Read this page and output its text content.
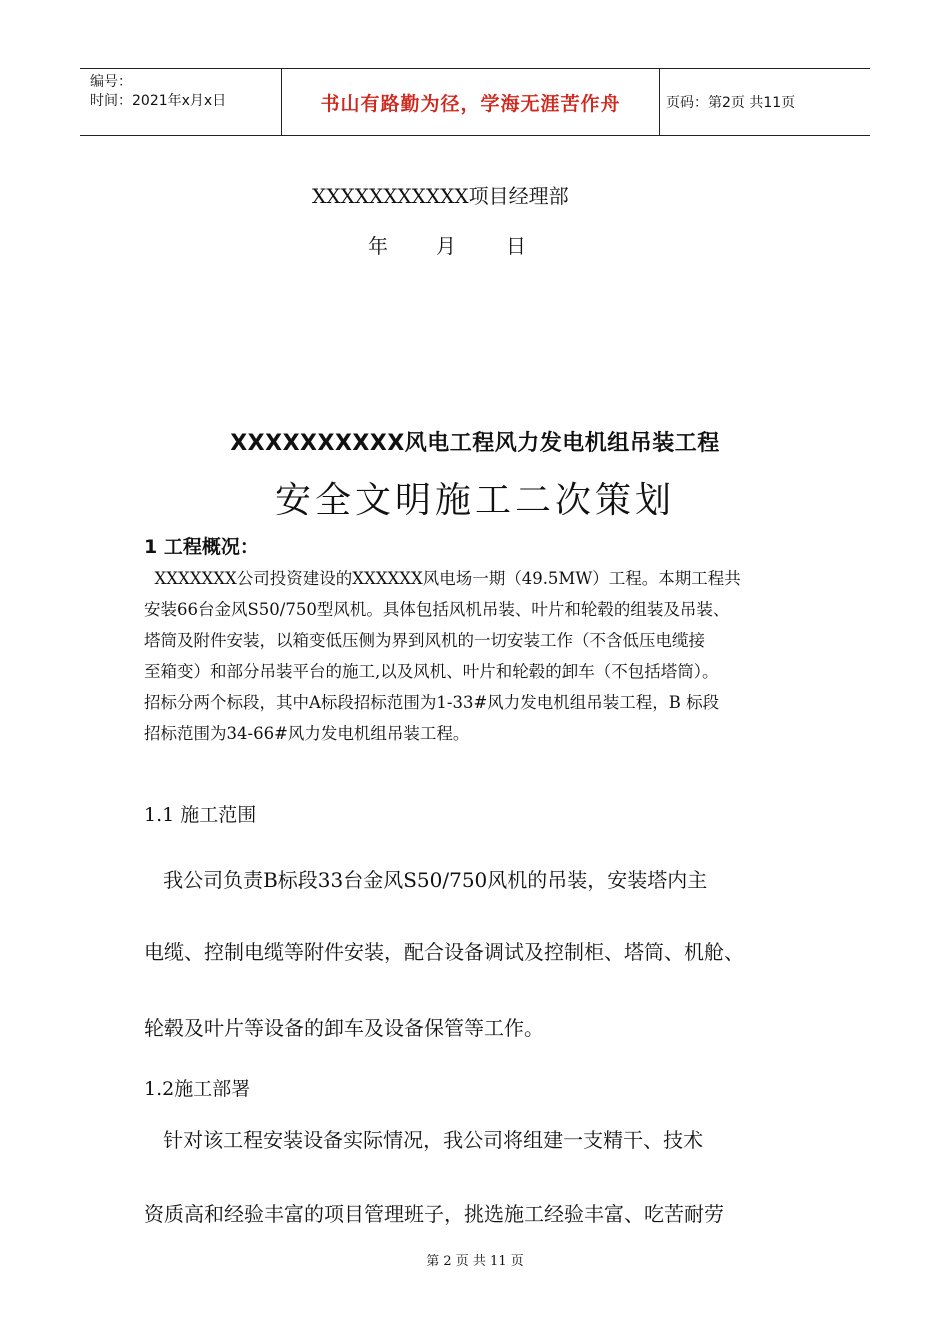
编号：
时间：2021年x月x日	书山有路勤为径，学海无涯苦作舟	页码：第2页 共11页
XXXXXXXXXXX项目经理部
年 月	日
XXXXXXXXXX风电工程风力发电机组吊装工程
安全文明施工二次策划
1 工程概况：
XXXXXXX公司投资建设的XXXXXX风电场一期（49.5MW）工程。本期工程共
安装66台金风S50/750型风机。具体包括风机吊装、叶片和轮毂的组装及吊装、
塔筒及附件安装，以箱变低压侧为界到风机的一切安装工作（不含低压电缆接
至箱变）和部分吊装平台的施工,以及风机、叶片和轮毂的卸车（不包括塔筒）。
招标分两个标段，其中A标段招标范围为1-33#风力发电机组吊装工程，B 标段
招标范围为34-66#风力发电机组吊装工程。
1.1 施工范围
我公司负责B标段33台金风S50/750风机的吊装，安装塔内主
电缆、控制电缆等附件安装，配合设备调试及控制柜、塔筒、机舱、
轮毂及叶片等设备的卸车及设备保管等工作。
1.2施工部署
针对该工程安装设备实际情况，我公司将组建一支精干、技术
资质高和经验丰富的项目管理班子，挑选施工经验丰富、吃苦耐劳
第 2 页 共 11 页
